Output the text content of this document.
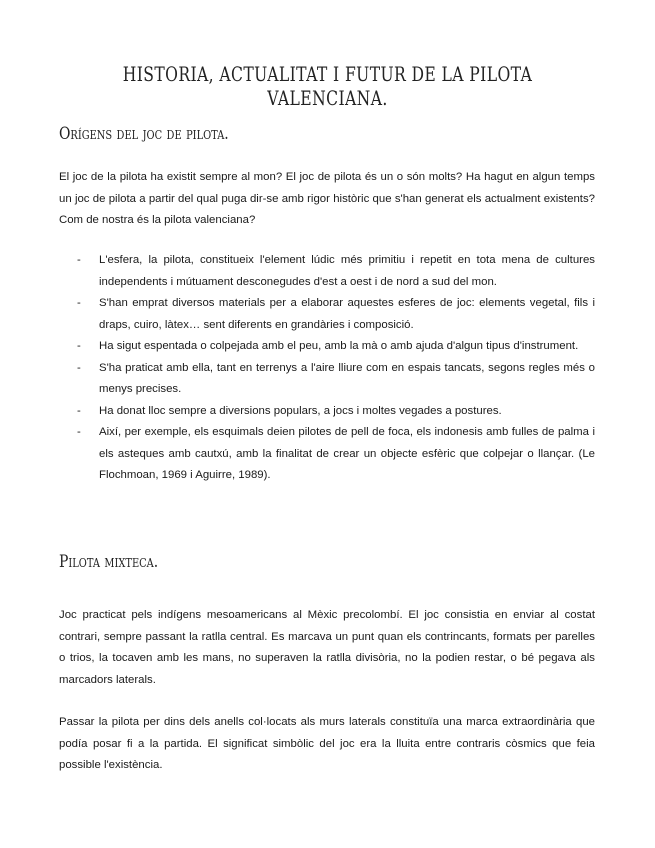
HISTORIA, ACTUALITAT I FUTUR DE LA PILOTA VALENCIANA.
Orígens del joc de pilota.

El joc de la pilota ha existit sempre al mon? El joc de pilota és un o són molts? Ha hagut en algun temps un joc de pilota a partir del qual puga dir-se amb rigor històric que s'han generat els actualment existents? Com de nostra és la pilota valenciana?

- L'esfera, la pilota, constitueix l'element lúdic més primitiu i repetit en tota mena de cultures independents i mútuament desconegudes d'est a oest i de nord a sud del mon.
- S'han emprat diversos materials per a elaborar aquestes esferes de joc: elements vegetal, fils i draps, cuiro, làtex… sent diferents en grandàries i composició.
- Ha sigut espentada o colpejada amb el peu, amb la mà o amb ajuda d'algun tipus d'instrument.
- S'ha praticat amb ella, tant en terrenys a l'aire lliure com en espais tancats, segons regles més o menys precises.
- Ha donat lloc sempre a diversions populars, a jocs i moltes vegades a postures.
- Així, per exemple, els esquimals deien pilotes de pell de foca, els indonesis amb fulles de palma i els asteques amb cautxú, amb la finalitat de crear un objecte esfèric que colpejar o llançar. (Le Flochmoan, 1969 i Aguirre, 1989).
Pilota mixteca.

Joc practicat pels indígens mesoamericans al Mèxic precolombí. El joc consistia en enviar al costat contrari, sempre passant la ratlla central. Es marcava un punt quan els contrincants, formats per parelles o trios, la tocaven amb les mans, no superaven la ratlla divisòria, no la podien restar, o bé pegava als marcadors laterals.

Passar la pilota per dins dels anells col·locats als murs laterals constituïa una marca extraordinària que podía posar fi a la partida. El significat simbòlic del joc era la lluita entre contraris còsmics que feia possible l'existència.
